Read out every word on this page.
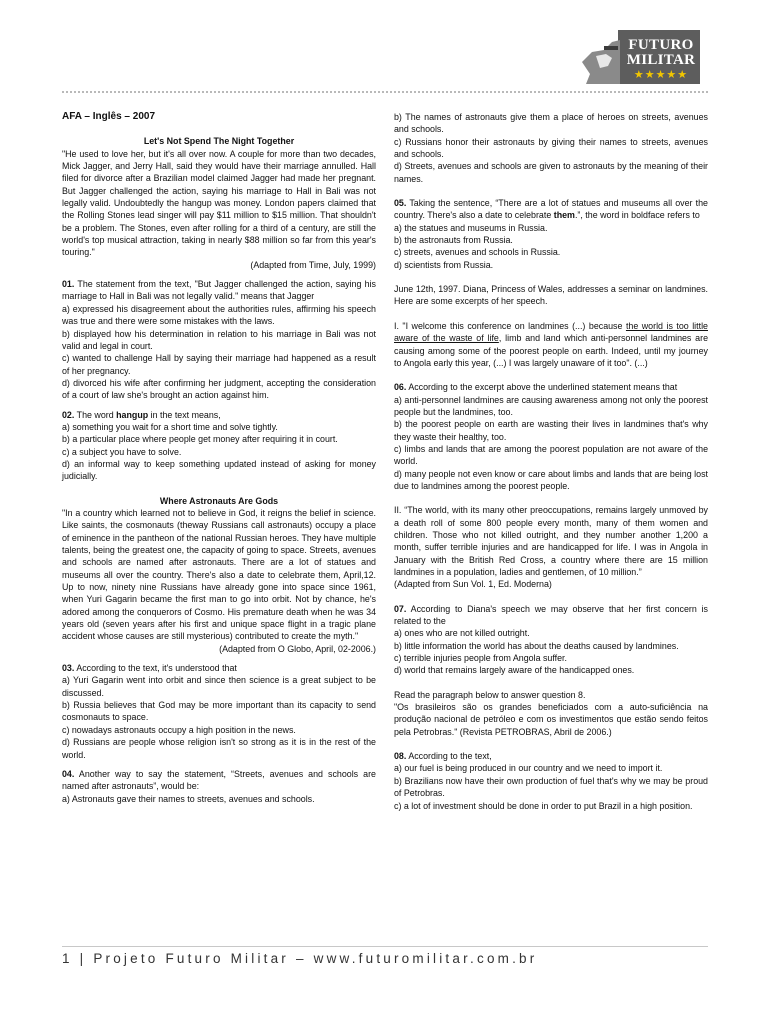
FUTURO
MILITAR
★★★★★

AFA – Inglês – 2007

Let's Not Spend The Night Together

"He used to love her, but it's all over now. A couple for more than two decades, Mick Jagger, and Jerry Hall, said they would have their marriage annulled. Hall filed for divorce after a Brazilian model claimed Jagger had made her pregnant. But Jagger challenged the action, saying his marriage to Hall in Bali was not legally valid. Undoubtedly the hangup was money. London papers claimed that the Rolling Stones lead singer will pay $11 million to $15 million. That shouldn't be a problem. The Stones, even after rolling for a third of a century, are still the world's top musical attraction, taking in nearly $88 million so far from this year's touring."

(Adapted from Time, July, 1999)

01. The statement from the text, "But Jagger challenged the action, saying his marriage to Hall in Bali was not legally valid." means that Jagger
a) expressed his disagreement about the authorities rules, affirming his speech was true and there were some mistakes with the laws.
b) displayed how his determination in relation to his marriage in Bali was not valid and legal in court.
c) wanted to challenge Hall by saying their marriage had happened as a result of her pregnancy.
d) divorced his wife after confirming her judgment, accepting the consideration of a court of law she's brought an action against him.
02. The word hangup in the text means,
a) something you wait for a short time and solve tightly.
b) a particular place where people get money after requiring it in court.
c) a subject you have to solve.
d) an informal way to keep something updated instead of asking for money judicially.

Where Astronauts Are Gods

"In a country which learned not to believe in God, it reigns the belief in science. Like saints, the cosmonauts (theway Russians call astronauts) occupy a place of eminence in the pantheon of the national Russian heroes. They have multiple talents, being the greatest one, the capacity of going to space. Streets, avenues and schools are named after astronauts. There are a lot of statues and museums all over the country. There's also a date to celebrate them, April,12. Up to now, ninety nine Russians have already gone into space since 1961, when Yuri Gagarin became the first man to go into orbit. Not by chance, he's adored among the conquerors of Cosmo. His premature death when he was 34 years old (seven years after his first and unique space flight in a tragic plane accident whose causes are still mysterious) contributed to create the myth."

(Adapted from O Globo, April, 02-2006.)

03. According to the text, it's understood that
a) Yuri Gagarin went into orbit and since then science is a great subject to be discussed.
b) Russia believes that God may be more important than its capacity to send cosmonauts to space.
c) nowadays astronauts occupy a high position in the news.
d) Russians are people whose religion isn't so strong as it is in the rest of the world.
04. Another way to say the statement, “Streets, avenues and schools are named after astronauts”, would be:
a) Astronauts gave their names to streets, avenues and schools.
b) The names of astronauts give them a place of heroes on streets, avenues and schools.
c) Russians honor their astronauts by giving their names to streets, avenues and schools.
d) Streets, avenues and schools are given to astronauts by the meaning of their names.
05. Taking the sentence, “There are a lot of statues and museums all over the country. There's also a date to celebrate them.”, the word in boldface refers to
a) the statues and museums in Russia.
b) the astronauts from Russia.
c) streets, avenues and schools in Russia.
d) scientists from Russia.

June 12th, 1997. Diana, Princess of Wales, addresses a seminar on landmines. Here are some excerpts of her speech.

I. "I welcome this conference on landmines (...) because the world is too little aware of the waste of life, limb and land which anti-personnel landmines are causing among some of the poorest people on earth. Indeed, until my journey to Angola early this year, (...) I was largely unaware of it too". (...)

06. According to the excerpt above the underlined statement means that
a) anti-personnel landmines are causing awareness among not only the poorest people but the landmines, too.
b) the poorest people on earth are wasting their lives in landmines that's why they waste their healthy, too.
c) limbs and lands that are among the poorest population are not aware of the world.
d) many people not even know or care about limbs and lands that are being lost due to landmines among the poorest people.

II. “The world, with its many other preoccupations, remains largely unmoved by a death roll of some 800 people every month, many of them women and children. Those who not killed outright, and they number another 1,200 a month, suffer terrible injuries and are handicapped for life. I was in Angola in January with the British Red Cross, a country where there are 15 million landmines in a population, ladies and gentlemen, of 10 million.”

(Adapted from Sun Vol. 1, Ed. Moderna)

07. According to Diana's speech we may observe that her first concern is related to the
a) ones who are not killed outright.
b) little information the world has about the deaths caused by landmines.
c) terrible injuries people from Angola suffer.
d) world that remains largely aware of the handicapped ones.

Read the paragraph below to answer question 8.

"Os brasileiros são os grandes beneficiados com a auto-suficiência na produção nacional de petróleo e com os investimentos que estão sendo feitos pela Petrobras." (Revista PETROBRAS, Abril de 2006.)

08. According to the text,
a) our fuel is being produced in our country and we need to import it.
b) Brazilians now have their own production of fuel that's why we may be proud of Petrobras.
c) a lot of investment should be done in order to put Brazil in a high position.
1 | Projeto Futuro Militar – www.futuromilitar.com.br
